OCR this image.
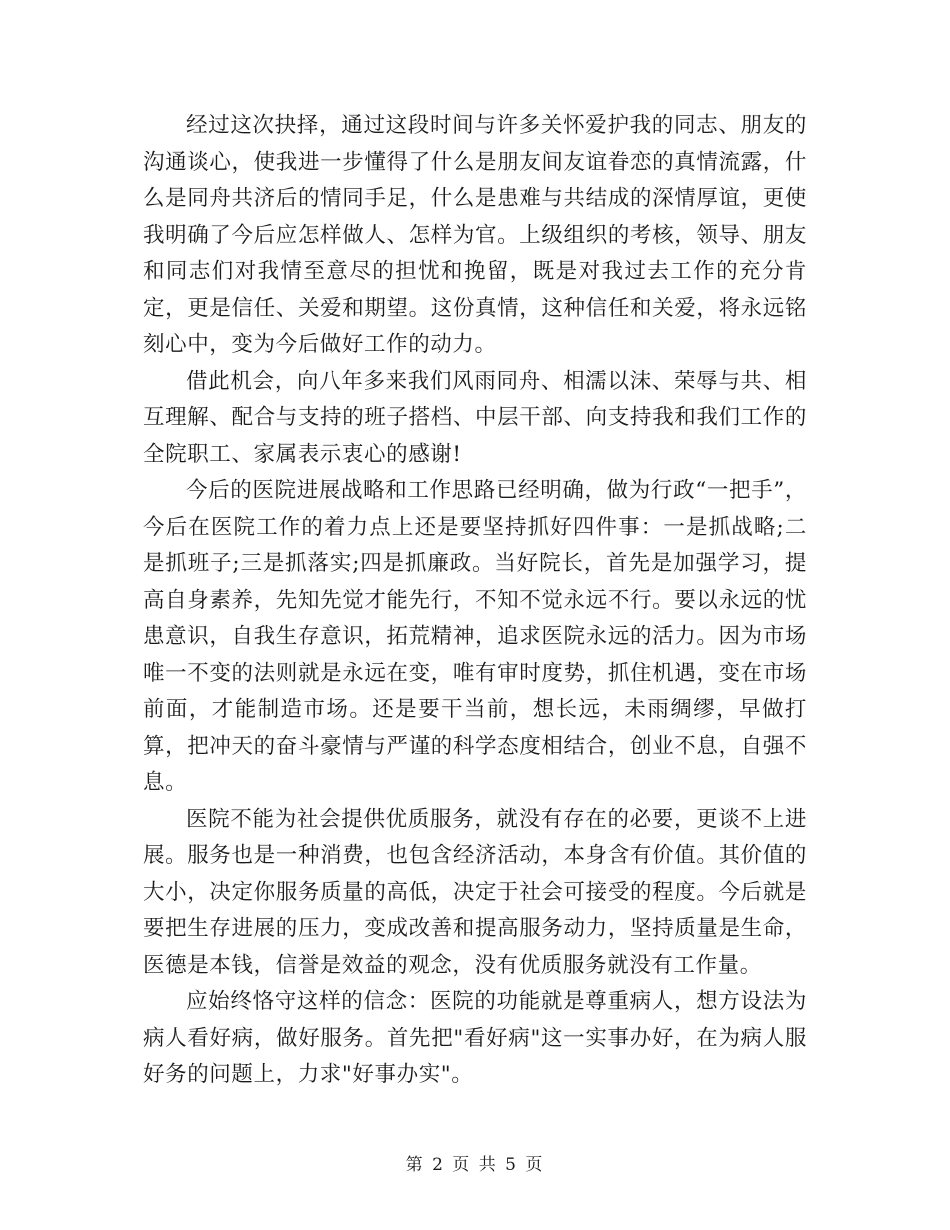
经过这次抉择，通过这段时间与许多关怀爱护我的同志、朋友的沟通谈心，使我进一步懂得了什么是朋友间友谊眷恋的真情流露，什么是同舟共济后的情同手足，什么是患难与共结成的深情厚谊，更使我明确了今后应怎样做人、怎样为官。上级组织的考核，领导、朋友和同志们对我情至意尽的担忧和挽留，既是对我过去工作的充分肯定，更是信任、关爱和期望。这份真情，这种信任和关爱，将永远铭刻心中，变为今后做好工作的动力。

借此机会，向八年多来我们风雨同舟、相濡以沫、荣辱与共、相互理解、配合与支持的班子搭档、中层干部、向支持我和我们工作的全院职工、家属表示衷心的感谢!

今后的医院进展战略和工作思路已经明确，做为行政“一把手”，今后在医院工作的着力点上还是要坚持抓好四件事：一是抓战略;二是抓班子;三是抓落实;四是抓廉政。当好院长，首先是加强学习，提高自身素养，先知先觉才能先行，不知不觉永远不行。要以永远的忧患意识，自我生存意识，拓荒精神，追求医院永远的活力。因为市场唯一不变的法则就是永远在变，唯有审时度势，抓住机遇，变在市场前面，才能制造市场。还是要干当前，想长远，未雨绸缪，早做打算，把冲天的奋斗豪情与严谨的科学态度相结合，创业不息，自强不息。

医院不能为社会提供优质服务，就没有存在的必要，更谈不上进展。服务也是一种消费，也包含经济活动，本身含有价值。其价值的大小，决定你服务质量的高低，决定于社会可接受的程度。今后就是要把生存进展的压力，变成改善和提高服务动力，坚持质量是生命，医德是本钱，信誉是效益的观念，没有优质服务就没有工作量。

应始终恪守这样的信念：医院的功能就是尊重病人，想方设法为病人看好病，做好服务。首先把"看好病"这一实事办好，在为病人服好务的问题上，力求"好事办实"。

第 2 页 共 5 页
